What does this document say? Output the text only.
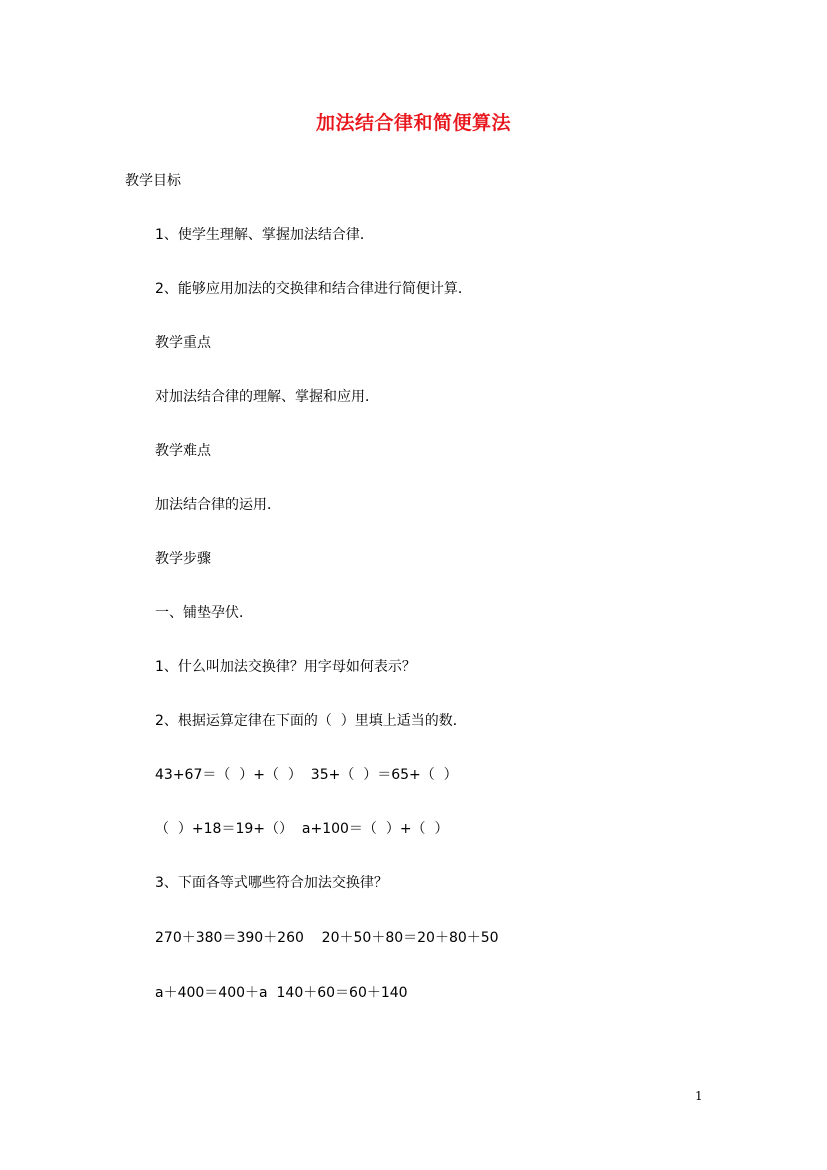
加法结合律和简便算法
教学目标
1、使学生理解、掌握加法结合律．
2、能够应用加法的交换律和结合律进行简便计算．
教学重点
对加法结合律的理解、掌握和应用．
教学难点
加法结合律的运用．
教学步骤
一、铺垫孕伏．
1、什么叫加法交换律？用字母如何表示？
2、根据运算定律在下面的（  ）里填上适当的数．
43+67＝（  ）+（  ）  35+（  ）＝65+（  ）
（  ）+18＝19+（）  a+100＝（  ）+（  ）
3、下面各等式哪些符合加法交换律？
270＋380＝390＋260    20＋50＋80＝20＋80＋50
a＋400＝400＋a  140＋60＝60＋140
1
